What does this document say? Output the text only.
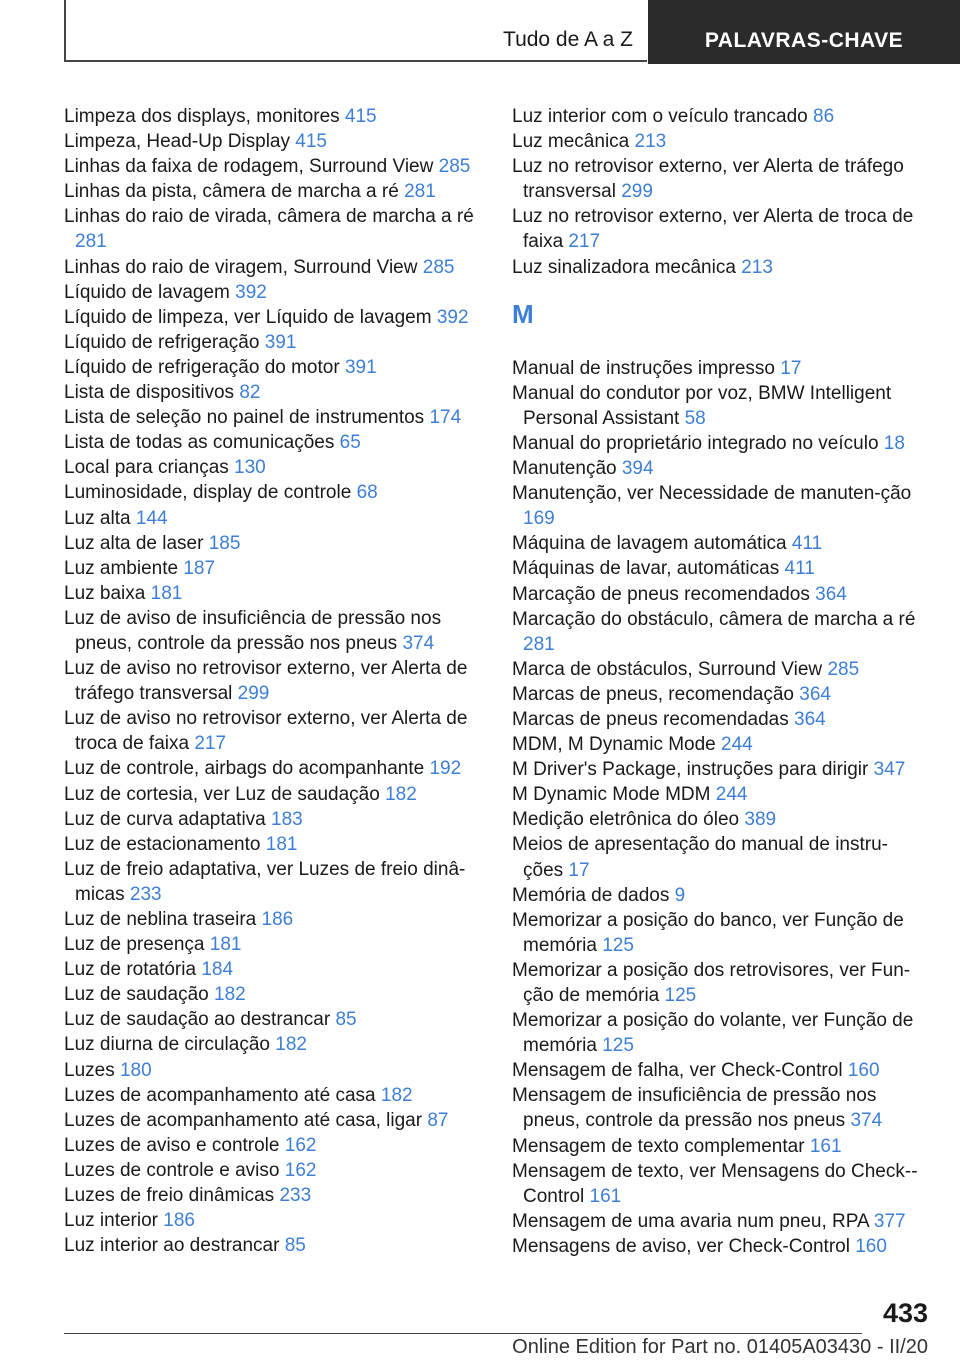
Tudo de A a Z	PALAVRAS-CHAVE
Limpeza dos displays, monitores 415
Limpeza, Head-Up Display 415
Linhas da faixa de rodagem, Surround View 285
Linhas da pista, câmera de marcha a ré 281
Linhas do raio de virada, câmera de marcha a ré 281
Linhas do raio de viragem, Surround View 285
Líquido de lavagem 392
Líquido de limpeza, ver Líquido de lavagem 392
Líquido de refrigeração 391
Líquido de refrigeração do motor 391
Lista de dispositivos 82
Lista de seleção no painel de instrumentos 174
Lista de todas as comunicações 65
Local para crianças 130
Luminosidade, display de controle 68
Luz alta 144
Luz alta de laser 185
Luz ambiente 187
Luz baixa 181
Luz de aviso de insuficiência de pressão nos pneus, controle da pressão nos pneus 374
Luz de aviso no retrovisor externo, ver Alerta de tráfego transversal 299
Luz de aviso no retrovisor externo, ver Alerta de troca de faixa 217
Luz de controle, airbags do acompanhante 192
Luz de cortesia, ver Luz de saudação 182
Luz de curva adaptativa 183
Luz de estacionamento 181
Luz de freio adaptativa, ver Luzes de freio dinâ-micas 233
Luz de neblina traseira 186
Luz de presença 181
Luz de rotatória 184
Luz de saudação 182
Luz de saudação ao destrancar 85
Luz diurna de circulação 182
Luzes 180
Luzes de acompanhamento até casa 182
Luzes de acompanhamento até casa, ligar 87
Luzes de aviso e controle 162
Luzes de controle e aviso 162
Luzes de freio dinâmicas 233
Luz interior 186
Luz interior ao destrancar 85
Luz interior com o veículo trancado 86
Luz mecânica 213
Luz no retrovisor externo, ver Alerta de tráfego transversal 299
Luz no retrovisor externo, ver Alerta de troca de faixa 217
Luz sinalizadora mecânica 213
M
Manual de instruções impresso 17
Manual do condutor por voz, BMW Intelligent Personal Assistant 58
Manual do proprietário integrado no veículo 18
Manutenção 394
Manutenção, ver Necessidade de manuten-ção 169
Máquina de lavagem automática 411
Máquinas de lavar, automáticas 411
Marcação de pneus recomendados 364
Marcação do obstáculo, câmera de marcha a ré 281
Marca de obstáculos, Surround View 285
Marcas de pneus, recomendação 364
Marcas de pneus recomendadas 364
MDM, M Dynamic Mode 244
M Driver's Package, instruções para dirigir 347
M Dynamic Mode MDM 244
Medição eletrônica do óleo 389
Meios de apresentação do manual de instru-ções 17
Memória de dados 9
Memorizar a posição do banco, ver Função de memória 125
Memorizar a posição dos retrovisores, ver Fun-ção de memória 125
Memorizar a posição do volante, ver Função de memória 125
Mensagem de falha, ver Check-Control 160
Mensagem de insuficiência de pressão nos pneus, controle da pressão nos pneus 374
Mensagem de texto complementar 161
Mensagem de texto, ver Mensagens do Check--Control 161
Mensagem de uma avaria num pneu, RPA 377
Mensagens de aviso, ver Check-Control 160
433
Online Edition for Part no. 01405A03430 - II/20
